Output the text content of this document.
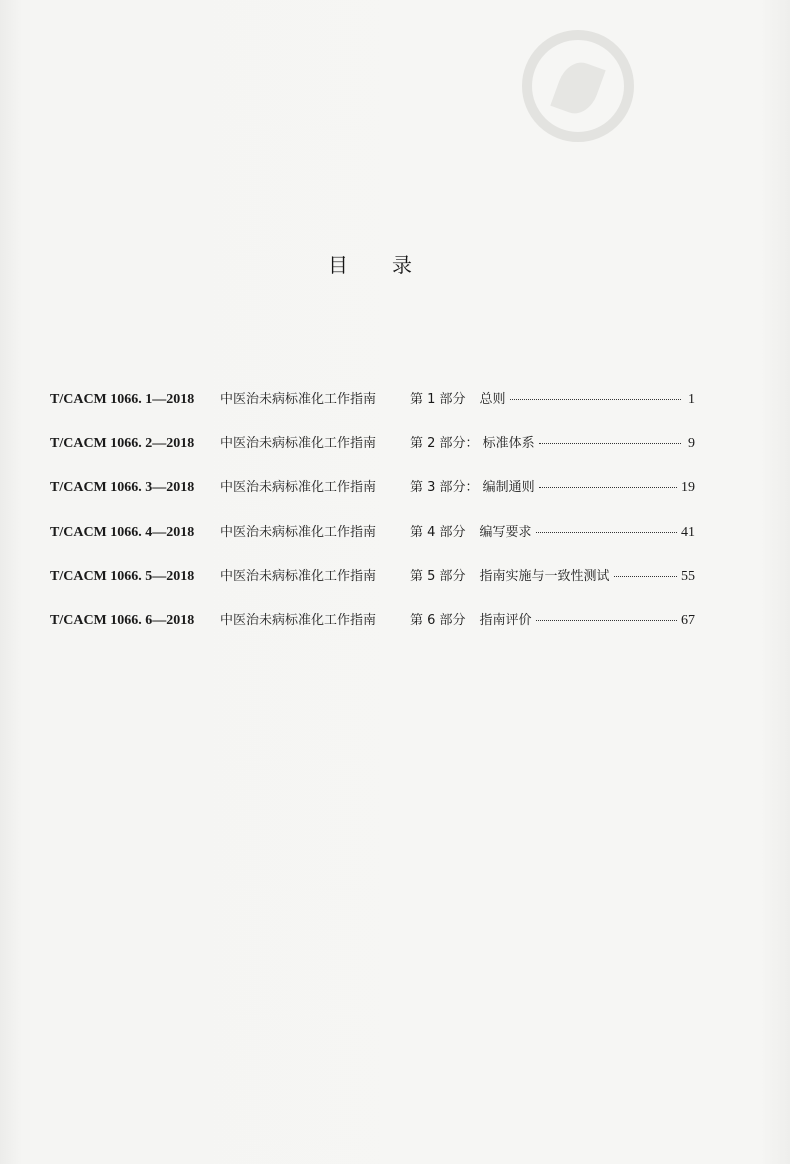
目录
T/CACM 1066. 1—2018	中医治未病标准化工作指南	第 1 部分 总则	1
T/CACM 1066. 2—2018	中医治未病标准化工作指南	第 2 部分 ： 标准体系	9
T/CACM 1066. 3—2018	中医治未病标准化工作指南	第 3 部分 ： 编制通则	19
T/CACM 1066. 4—2018	中医治未病标准化工作指南	第 4 部分 编写要求	41
T/CACM 1066. 5—2018	中医治未病标准化工作指南	第 5 部分 指南实施与一致性测试	55
T/CACM 1066. 6—2018	中医治未病标准化工作指南	第 6 部分 指南评价	67
